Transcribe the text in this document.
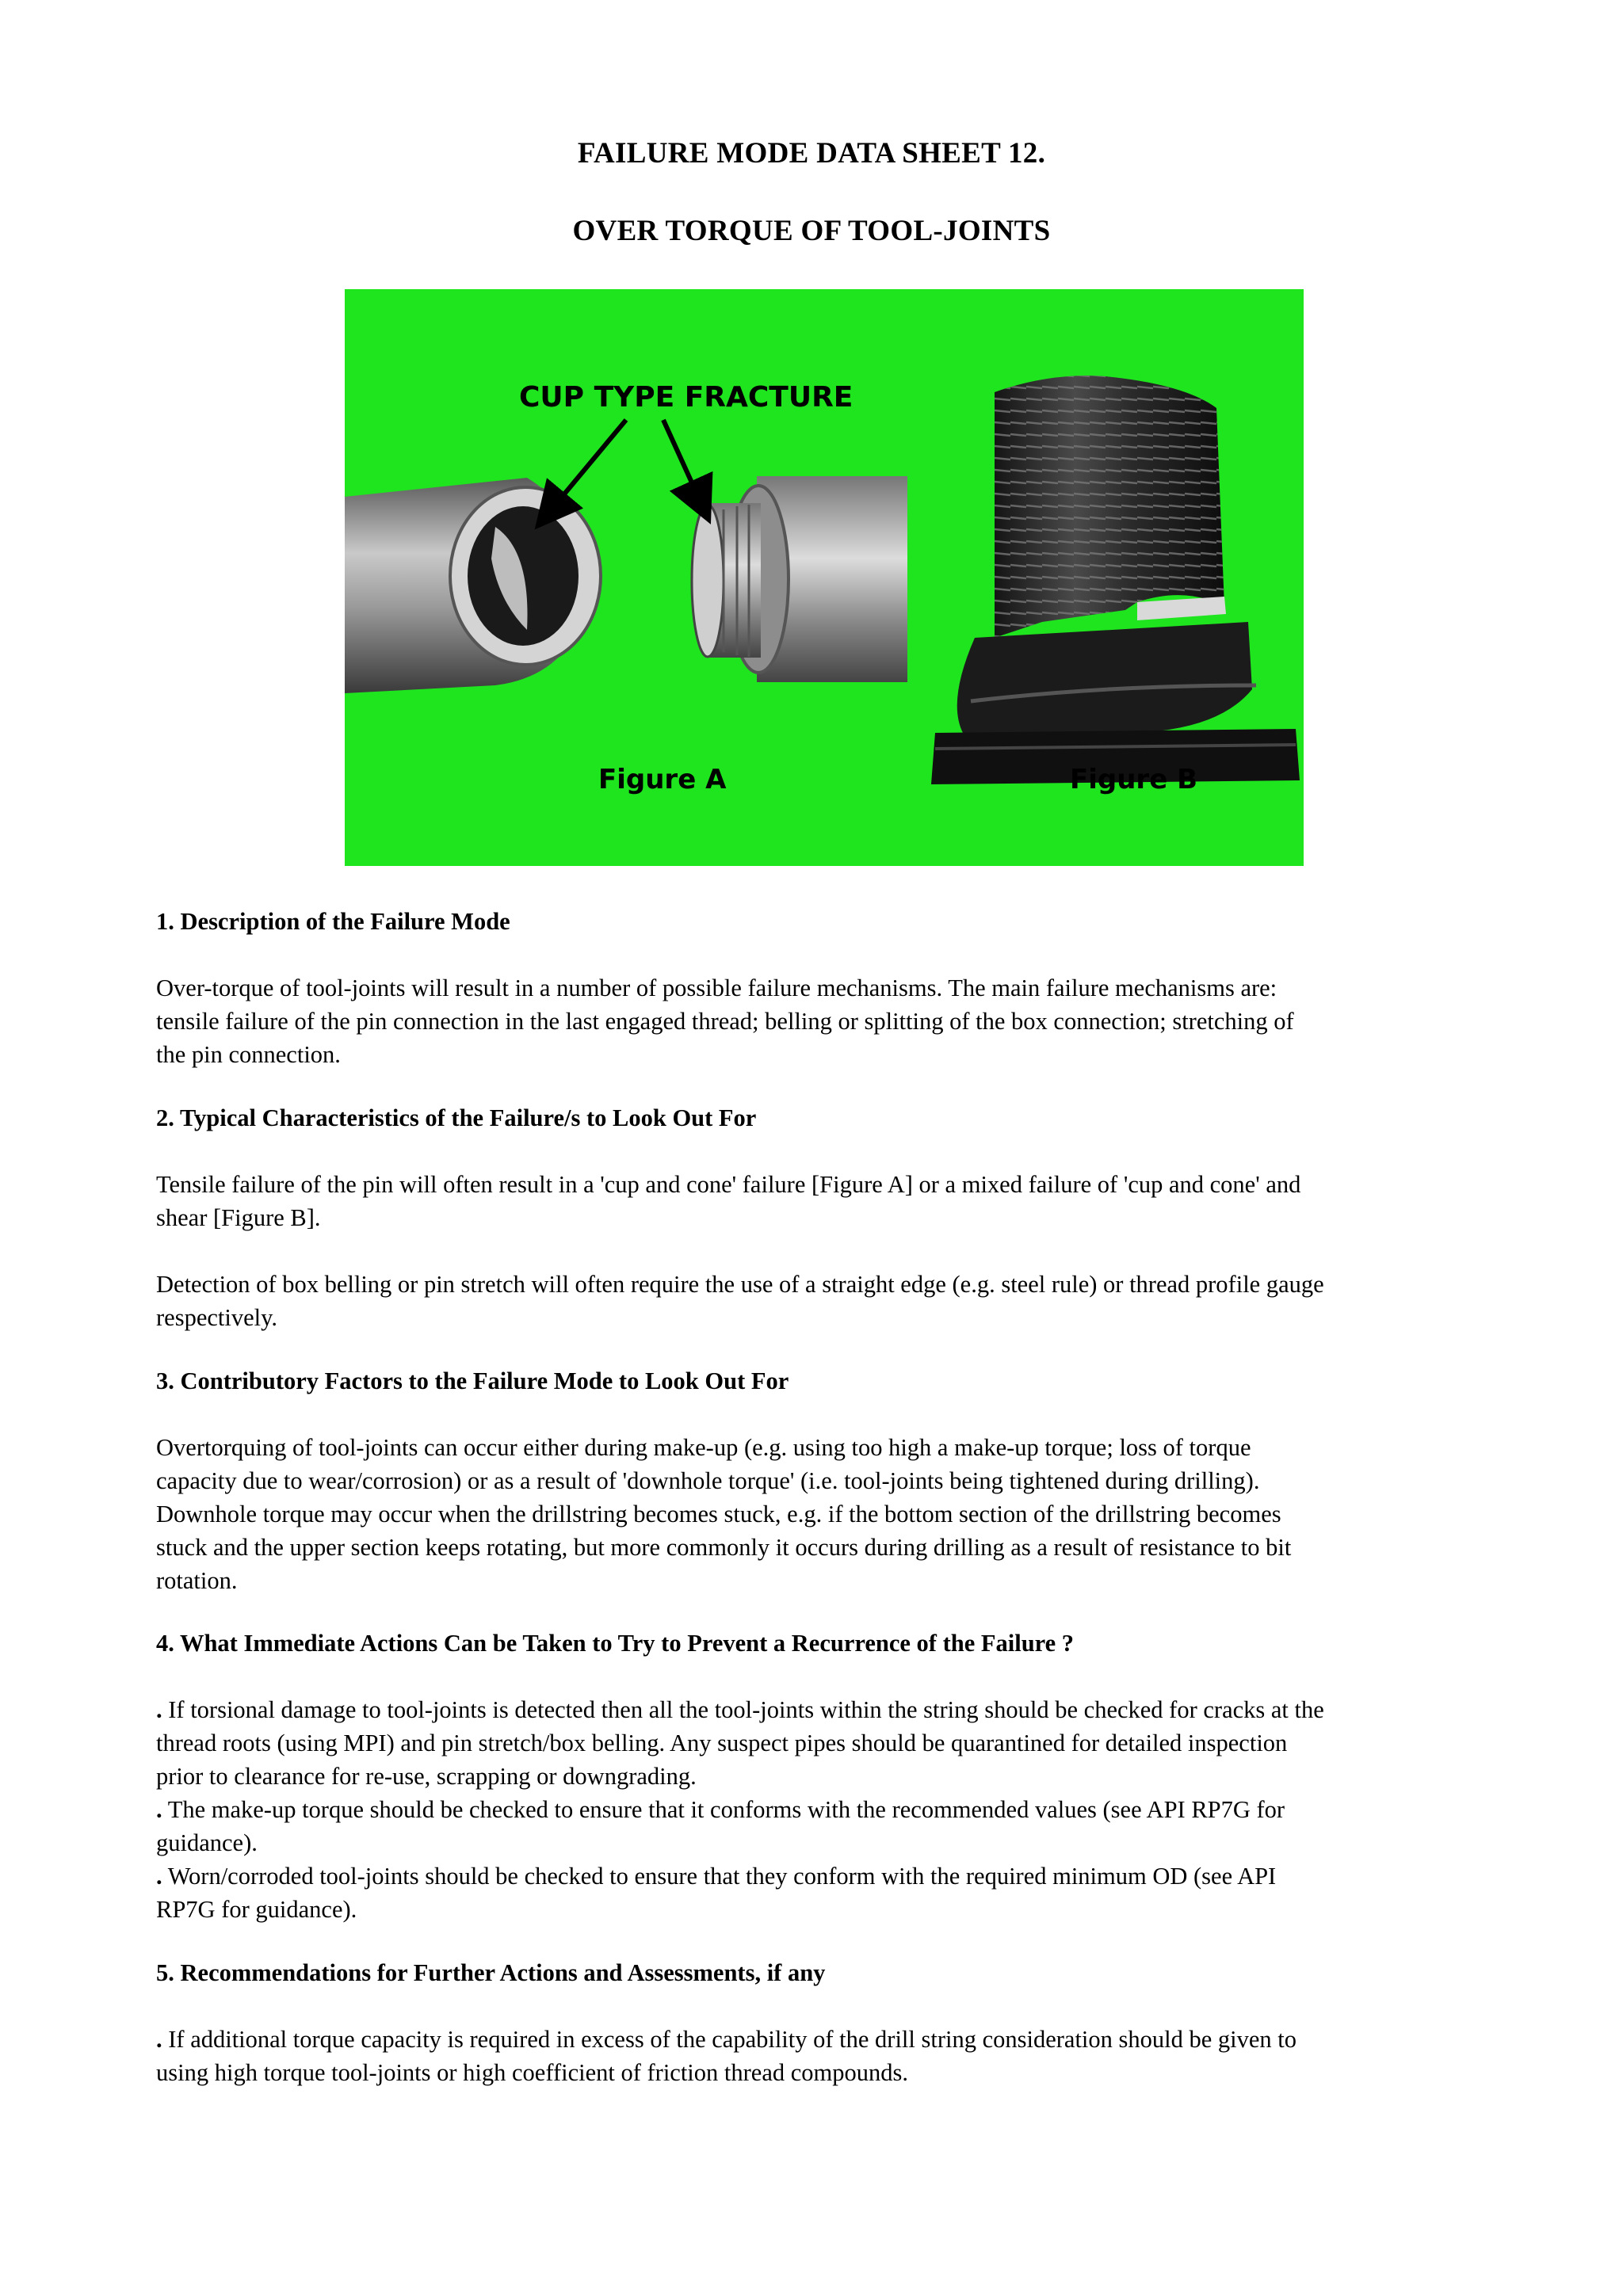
FAILURE MODE DATA SHEET 12.
OVER TORQUE OF TOOL-JOINTS
CUP TYPE FRACTURE
Figure A	Figure B
1. Description of the Failure Mode
Over-torque of tool-joints will result in a number of possible failure mechanisms. The main failure mechanisms are:
tensile failure of the pin connection in the last engaged thread; belling or splitting of the box connection; stretching of
the pin connection.
2. Typical Characteristics of the Failure/s to Look Out For
Tensile failure of the pin will often result in a 'cup and cone' failure [Figure A] or a mixed failure of 'cup and cone' and
shear [Figure B].
Detection of box belling or pin stretch will often require the use of a straight edge (e.g. steel rule) or thread profile gauge
respectively.
3. Contributory Factors to the Failure Mode to Look Out For
Overtorquing of tool-joints can occur either during make-up (e.g. using too high a make-up torque; loss of torque
capacity due to wear/corrosion) or as a result of 'downhole torque' (i.e. tool-joints being tightened during drilling).
Downhole torque may occur when the drillstring becomes stuck, e.g. if the bottom section of the drillstring becomes
stuck and the upper section keeps rotating, but more commonly it occurs during drilling as a result of resistance to bit
rotation.
4. What Immediate Actions Can be Taken to Try to Prevent a Recurrence of the Failure ?
. If torsional damage to tool-joints is detected then all the tool-joints within the string should be checked for cracks at the
thread roots (using MPI) and pin stretch/box belling. Any suspect pipes should be quarantined for detailed inspection
prior to clearance for re-use, scrapping or downgrading.
. The make-up torque should be checked to ensure that it conforms with the recommended values (see API RP7G for
guidance).
. Worn/corroded tool-joints should be checked to ensure that they conform with the required minimum OD (see API
RP7G for guidance).
5. Recommendations for Further Actions and Assessments, if any
. If additional torque capacity is required in excess of the capability of the drill string consideration should be given to
using high torque tool-joints or high coefficient of friction thread compounds.
